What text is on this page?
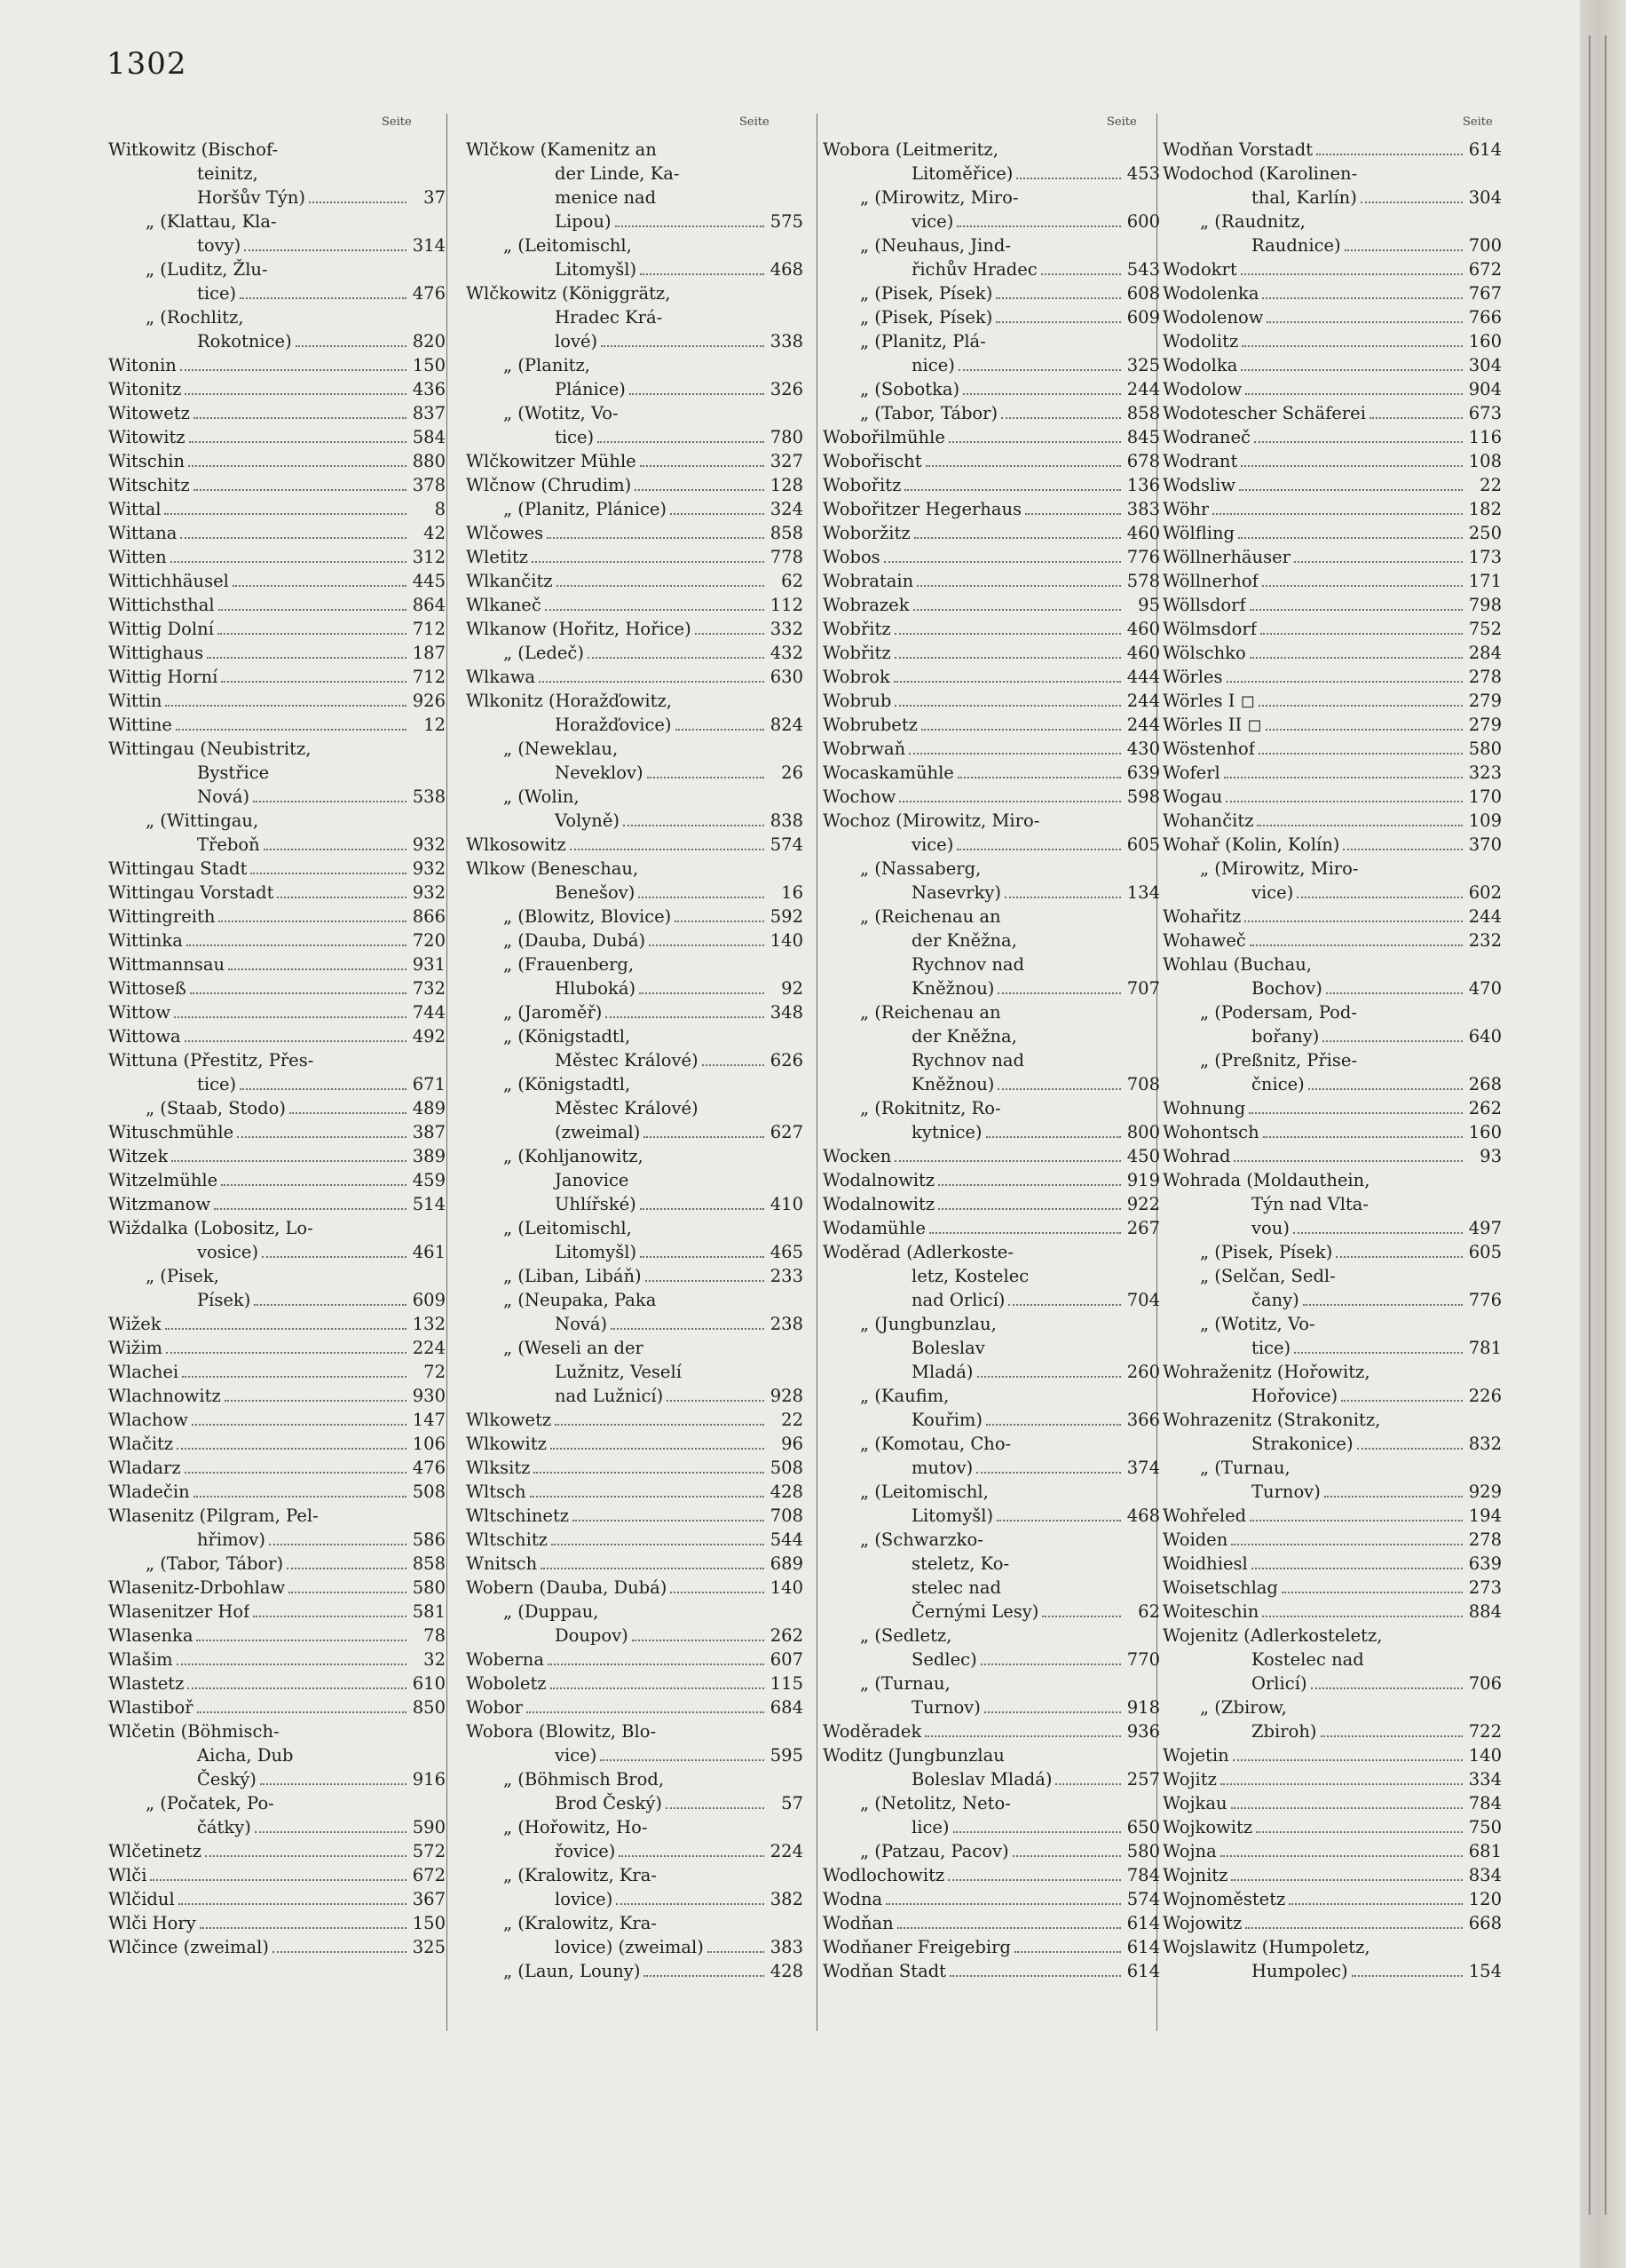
1302
Seite	Seite	Seite	Seite
Witkowitz (Bischof-
teinitz,
Horšův Týn)	37
„ (Klattau, Kla-
tovy)	314
„ (Luditz, Žlu-
tice)	476
„ (Rochlitz,
Rokotnice)	820
Witonin	150
Witonitz	436
Witowetz	837
Witowitz	584
Witschin	880
Witschitz	378
Wittal	8
Wittana	42
Witten	312
Wittichhäusel	445
Wittichsthal	864
Wittig Dolní	712
Wittighaus	187
Wittig Horní	712
Wittin	926
Wittine	12
Wittingau (Neubistritz,
Bystřice
Nová)	538
„ (Wittingau,
Třeboň	932
Wittingau Stadt	932
Wittingau Vorstadt	932
Wittingreith	866
Wittinka	720
Wittmannsau	931
Wittoseß	732
Wittow	744
Wittowa	492
Wittuna (Přestitz, Přes-
tice)	671
„ (Staab, Stodo)	489
Wituschmühle	387
Witzek	389
Witzelmühle	459
Witzmanow	514
Wiždalka (Lobositz, Lo-
vosice)	461
„ (Pisek,
Písek)	609
Wižek	132
Wižim	224
Wlachei	72
Wlachnowitz	930
Wlachow	147
Wlačitz	106
Wladarz	476
Wladečin	508
Wlasenitz (Pilgram, Pel-
hřimov)	586
„ (Tabor, Tábor)	858
Wlasenitz-Drbohlaw	580
Wlasenitzer Hof	581
Wlasenka	78
Wlašim	32
Wlastetz	610
Wlastiboř	850
Wlčetin (Böhmisch-
Aicha, Dub
Český)	916
„ (Počatek, Po-
čátky)	590
Wlčetinetz	572
Wlči	672
Wlčidul	367
Wlči Hory	150
Wlčince (zweimal)	325
Wlčkow (Kamenitz an
der Linde, Ka-
menice nad
Lipou)	575
„ (Leitomischl,
Litomyšl)	468
Wlčkowitz (Königgrätz,
Hradec Krá-
lové)	338
„ (Planitz,
Plánice)	326
„ (Wotitz, Vo-
tice)	780
Wlčkowitzer Mühle	327
Wlčnow (Chrudim)	128
„ (Planitz, Plánice)	324
Wlčowes	858
Wletitz	778
Wlkančitz	62
Wlkaneč	112
Wlkanow (Hořitz, Hořice)	332
„ (Ledeč)	432
Wlkawa	630
Wlkonitz (Horažďowitz,
Horažďovice)	824
„ (Neweklau,
Neveklov)	26
„ (Wolin,
Volyně)	838
Wlkosowitz	574
Wlkow (Beneschau,
Benešov)	16
„ (Blowitz, Blovice)	592
„ (Dauba, Dubá)	140
„ (Frauenberg,
Hluboká)	92
„ (Jaroměř)	348
„ (Königstadtl,
Městec Králové)	626
„ (Königstadtl,
Městec Králové)
(zweimal)	627
„ (Kohljanowitz,
Janovice
Uhlířské)	410
„ (Leitomischl,
Litomyšl)	465
„ (Liban, Libáň)	233
„ (Neupaka, Paka
Nová)	238
„ (Weseli an der
Lužnitz, Veselí
nad Lužnicí)	928
Wlkowetz	22
Wlkowitz	96
Wlksitz	508
Wltsch	428
Wltschinetz	708
Wltschitz	544
Wnitsch	689
Wobern (Dauba, Dubá)	140
„ (Duppau,
Doupov)	262
Woberna	607
Woboletz	115
Wobor	684
Wobora (Blowitz, Blo-
vice)	595
„ (Böhmisch Brod,
Brod Český)	57
„ (Hořowitz, Ho-
řovice)	224
„ (Kralowitz, Kra-
lovice)	382
„ (Kralowitz, Kra-
lovice) (zweimal)	383
„ (Laun, Louny)	428
Wobora (Leitmeritz,
Litoměřice)	453
„ (Mirowitz, Miro-
vice)	600
„ (Neuhaus, Jind-
řichův Hradec	543
„ (Pisek, Písek)	608
„ (Pisek, Písek)	609
„ (Planitz, Plá-
nice)	325
„ (Sobotka)	244
„ (Tabor, Tábor)	858
Wobořilmühle	845
Wobořischt	678
Wobořitz	136
Wobořitzer Hegerhaus	383
Woboržitz	460
Wobos	776
Wobratain	578
Wobrazek	95
Wobřitz	460
Wobřitz	460
Wobrok	444
Wobrub	244
Wobrubetz	244
Wobrwaň	430
Wocaskamühle	639
Wochow	598
Wochoz (Mirowitz, Miro-
vice)	605
„ (Nassaberg,
Nasevrky)	134
„ (Reichenau an
der Kněžna,
Rychnov nad
Kněžnou)	707
„ (Reichenau an
der Kněžna,
Rychnov nad
Kněžnou)	708
„ (Rokitnitz, Ro-
kytnice)	800
Wocken	450
Wodalnowitz	919
Wodalnowitz	922
Wodamühle	267
Woděrad (Adlerkoste-
letz, Kostelec
nad Orlicí)	704
„ (Jungbunzlau,
Boleslav
Mladá)	260
„ (Kaufim,
Kouřim)	366
„ (Komotau, Cho-
mutov)	374
„ (Leitomischl,
Litomyšl)	468
„ (Schwarzko-
steletz, Ko-
stelec nad
Černými Lesy)	62
„ (Sedletz,
Sedlec)	770
„ (Turnau,
Turnov)	918
Woděradek	936
Woditz (Jungbunzlau
Boleslav Mladá)	257
„ (Netolitz, Neto-
lice)	650
„ (Patzau, Pacov)	580
Wodlochowitz	784
Wodna	574
Wodňan	614
Wodňaner Freigebirg	614
Wodňan Stadt	614
Wodňan Vorstadt	614
Wodochod (Karolinen-
thal, Karlín)	304
„ (Raudnitz,
Raudnice)	700
Wodokrt	672
Wodolenka	767
Wodolenow	766
Wodolitz	160
Wodolka	304
Wodolow	904
Wodotescher Schäferei	673
Wodraneč	116
Wodrant	108
Wodsliw	22
Wöhr	182
Wölfling	250
Wöllnerhäuser	173
Wöllnerhof	171
Wöllsdorf	798
Wölmsdorf	752
Wölschko	284
Wörles	278
Wörles I ◻	279
Wörles II ◻	279
Wöstenhof	580
Woferl	323
Wogau	170
Wohančitz	109
Wohař (Kolin, Kolín)	370
„ (Mirowitz, Miro-
vice)	602
Wohařitz	244
Wohaweč	232
Wohlau (Buchau,
Bochov)	470
„ (Podersam, Pod-
bořany)	640
„ (Preßnitz, Přise-
čnice)	268
Wohnung	262
Wohontsch	160
Wohrad	93
Wohrada (Moldauthein,
Týn nad Vlta-
vou)	497
„ (Pisek, Písek)	605
„ (Selčan, Sedl-
čany)	776
„ (Wotitz, Vo-
tice)	781
Wohraženitz (Hořowitz,
Hořovice)	226
Wohrazenitz (Strakonitz,
Strakonice)	832
„ (Turnau,
Turnov)	929
Wohřeled	194
Woiden	278
Woidhiesl	639
Woisetschlag	273
Woiteschin	884
Wojenitz (Adlerkosteletz,
Kostelec nad
Orlicí)	706
„ (Zbirow,
Zbiroh)	722
Wojetin	140
Wojitz	334
Wojkau	784
Wojkowitz	750
Wojna	681
Wojnitz	834
Wojnoměstetz	120
Wojowitz	668
Wojslawitz (Humpoletz,
Humpolec)	154
